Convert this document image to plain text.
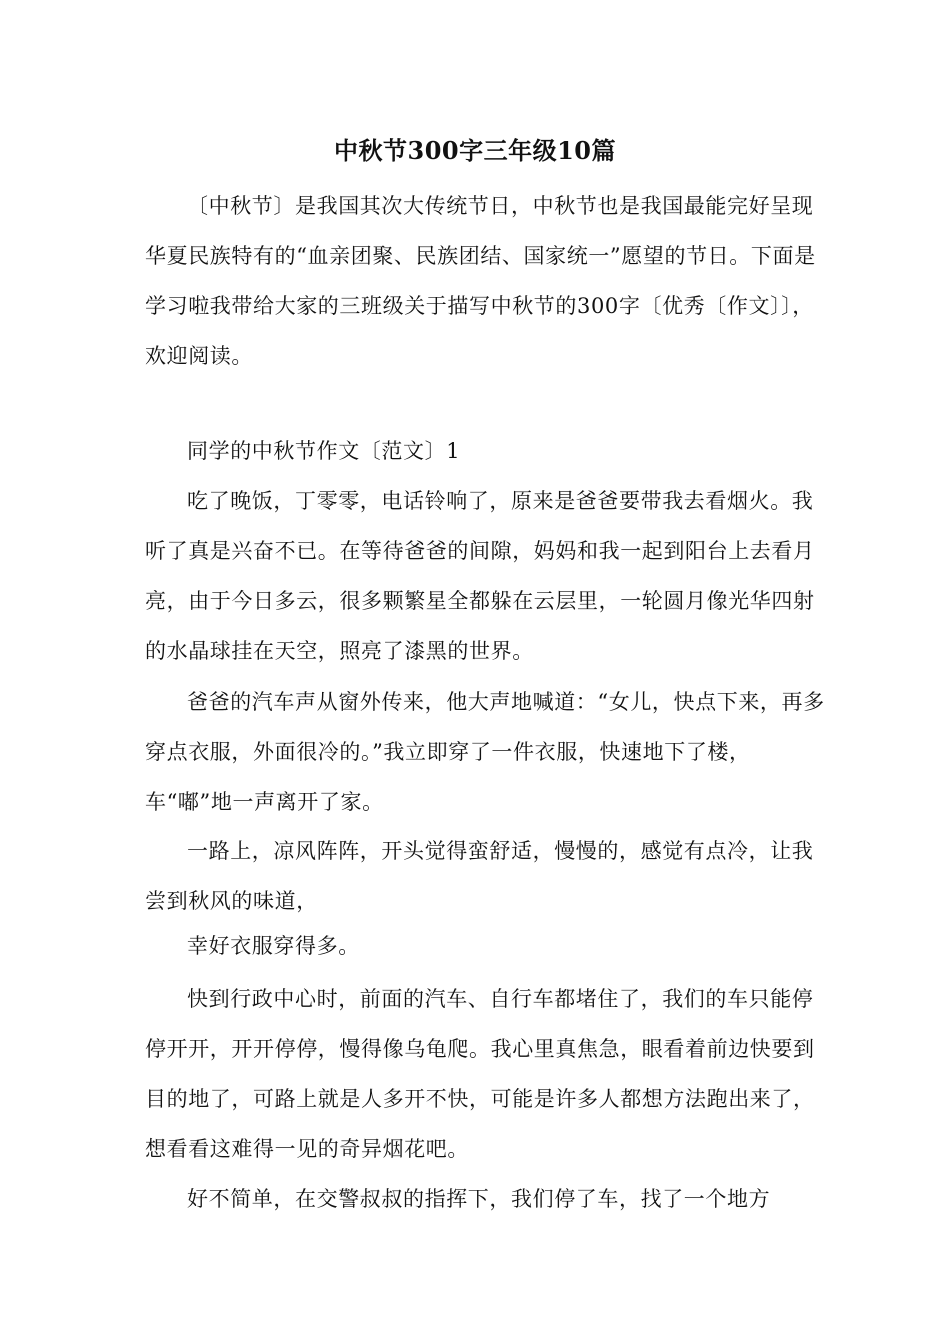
中秋节300字三年级10篇

〔中秋节〕是我国其次大传统节日，中秋节也是我国最能完好呈现华夏民族特有的“血亲团聚、民族团结、国家统一”愿望的节日。下面是学习啦我带给大家的三班级关于描写中秋节的300字〔优秀〔作文〕〕，欢迎阅读。

同学的中秋节作文〔范文〕1

吃了晚饭，丁零零，电话铃响了，原来是爸爸要带我去看烟火。我听了真是兴奋不已。在等待爸爸的间隙，妈妈和我一起到阳台上去看月亮，由于今日多云，很多颗繁星全都躲在云层里，一轮圆月像光华四射的水晶球挂在天空，照亮了漆黑的世界。

爸爸的汽车声从窗外传来，他大声地喊道：“女儿，快点下来，再多穿点衣服，外面很冷的。”我立即穿了一件衣服，快速地下了楼，车“嘟”地一声离开了家。

一路上，凉风阵阵，开头觉得蛮舒适，慢慢的，感觉有点冷，让我尝到秋风的味道，

幸好衣服穿得多。

快到行政中心时，前面的汽车、自行车都堵住了，我们的车只能停停开开，开开停停，慢得像乌龟爬。我心里真焦急，眼看着前边快要到目的地了，可路上就是人多开不快，可能是许多人都想方法跑出来了，想看看这难得一见的奇异烟花吧。

好不简单，在交警叔叔的指挥下，我们停了车，找了一个地方
